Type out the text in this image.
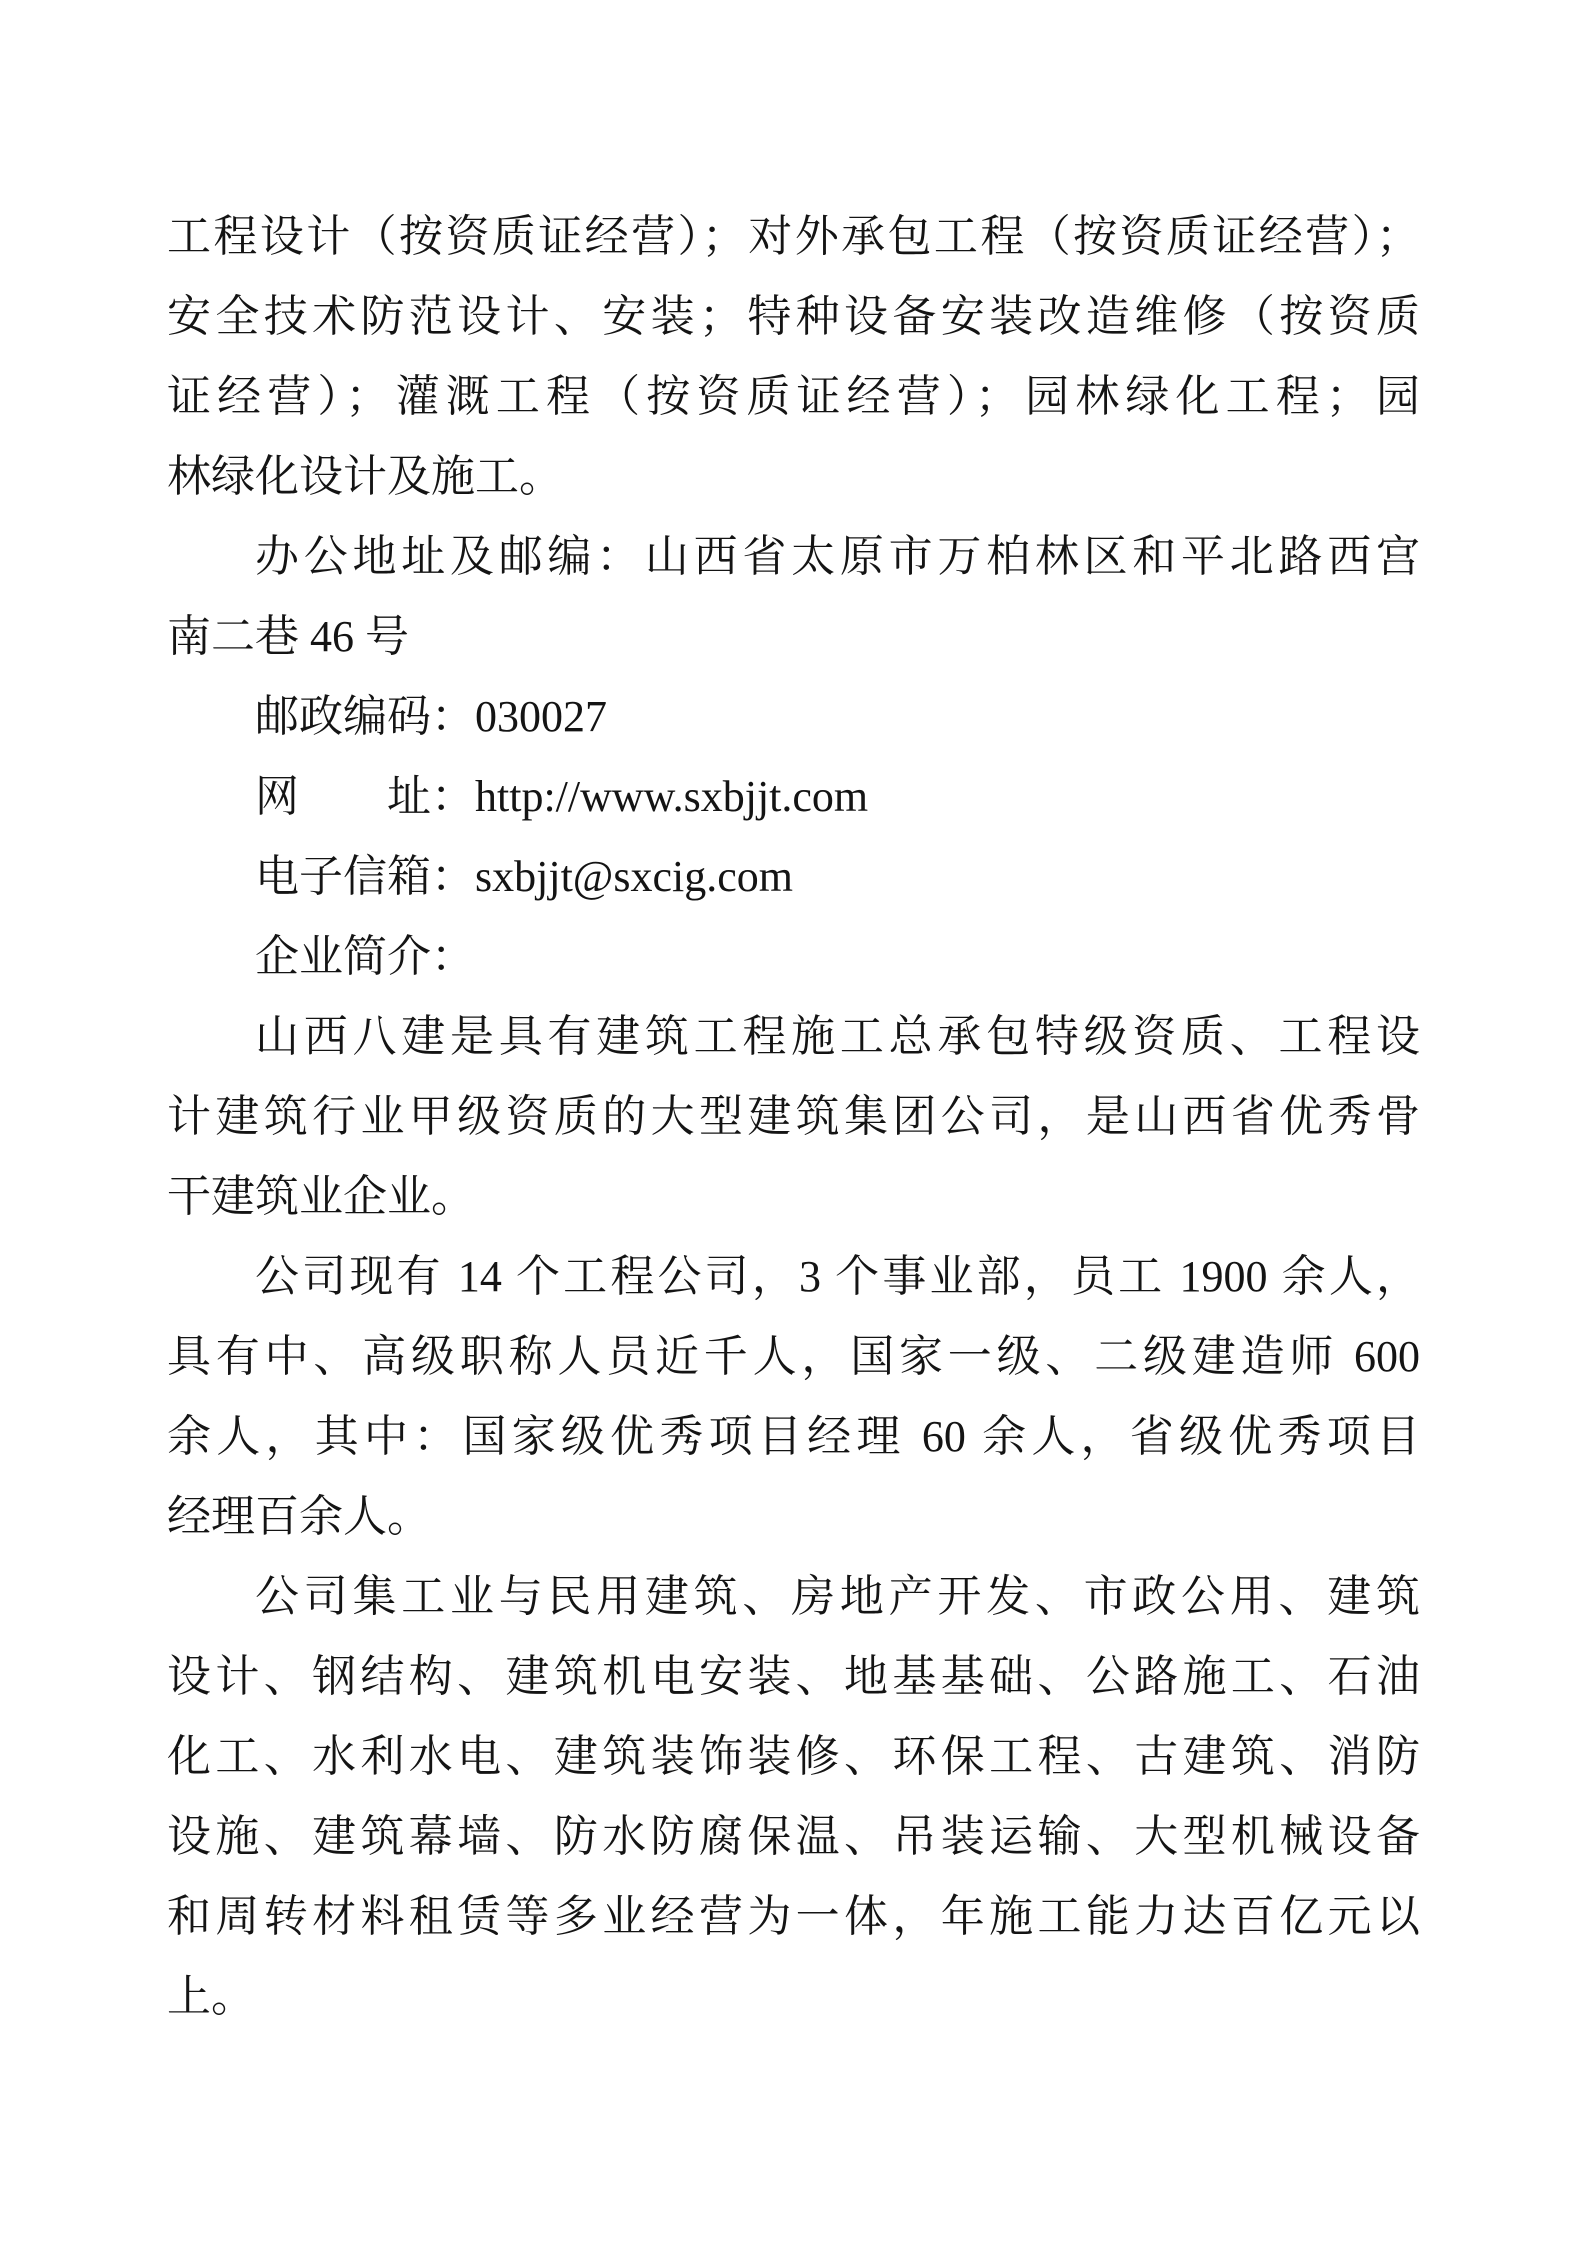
工程设计（按资质证经营）；对外承包工程（按资质证经营）；
安全技术防范设计、安装；特种设备安装改造维修（按资质
证经营）；灌溉工程（按资质证经营）；园林绿化工程；园
林绿化设计及施工。
办公地址及邮编：山西省太原市万柏林区和平北路西宫
南二巷 46 号
邮政编码：030027
网　　址：http://www.sxbjjt.com
电子信箱：sxbjjt@sxcig.com
企业简介：
山西八建是具有建筑工程施工总承包特级资质、工程设
计建筑行业甲级资质的大型建筑集团公司，是山西省优秀骨
干建筑业企业。
公司现有 14 个工程公司，3 个事业部，员工 1900 余人，
具有中、高级职称人员近千人，国家一级、二级建造师 600
余人，其中：国家级优秀项目经理 60 余人，省级优秀项目
经理百余人。
公司集工业与民用建筑、房地产开发、市政公用、建筑
设计、钢结构、建筑机电安装、地基基础、公路施工、石油
化工、水利水电、建筑装饰装修、环保工程、古建筑、消防
设施、建筑幕墙、防水防腐保温、吊装运输、大型机械设备
和周转材料租赁等多业经营为一体，年施工能力达百亿元以
上。
